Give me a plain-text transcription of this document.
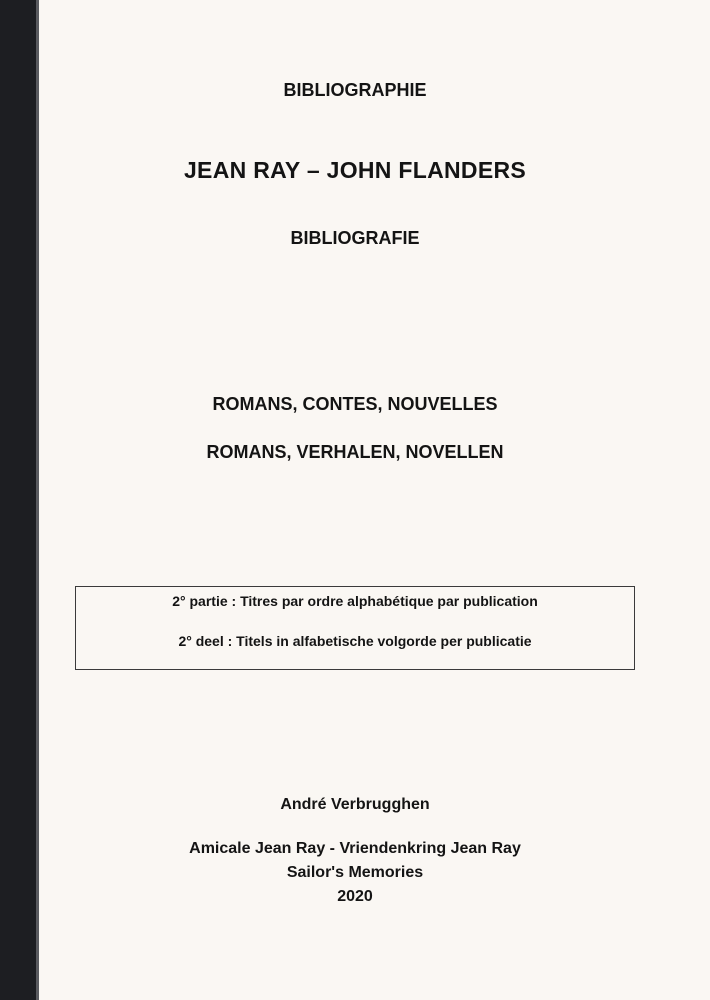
BIBLIOGRAPHIE
JEAN RAY – JOHN FLANDERS
BIBLIOGRAFIE
ROMANS, CONTES, NOUVELLES
ROMANS, VERHALEN, NOVELLEN
2° partie : Titres par ordre alphabétique par publication
2° deel : Titels in alfabetische volgorde per publicatie
André Verbrugghen
Amicale Jean Ray - Vriendenkring Jean Ray
Sailor's Memories
2020
